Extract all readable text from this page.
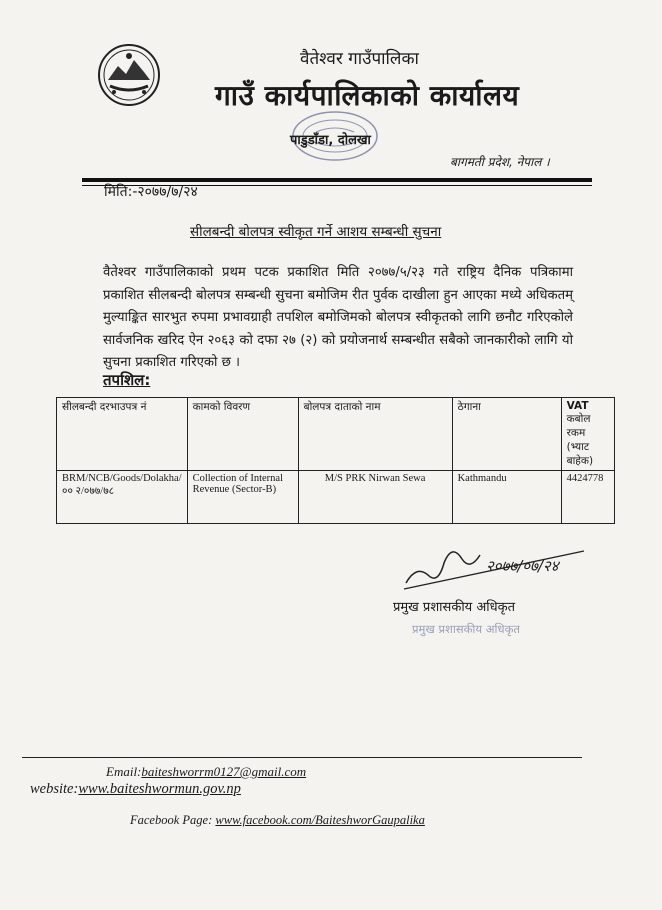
वैतेश्वर गाउँपालिका
गाउँ कार्यपालिकाको कार्यालय
पाडुडाँडा, दोलखा
बागमती प्रदेश, नेपाल ।
मिति:-२०७७/७/२४
सीलबन्दी बोलपत्र स्वीकृत गर्ने आशय सम्बन्धी सुचना
वैतेश्वर गाउँपालिकाको प्रथम पटक प्रकाशित मिति २०७७/५/२३ गते राष्ट्रिय दैनिक पत्रिकामा प्रकाशित सीलबन्दी बोलपत्र सम्बन्धी सुचना बमोजिम रीत पुर्वक दाखीला हुन आएका मध्ये अधिकतम् मुल्याङ्कित सारभुत रुपमा प्रभावग्राही तपशिल बमोजिमको बोलपत्र स्वीकृतको लागि छनौट गरिएकोले सार्वजनिक खरिद ऐन २०६३ को दफा २७ (२) को प्रयोजनार्थ सम्बन्धीत सबैको जानकारीको लागि यो सुचना प्रकाशित गरिएको छ ।
तपशिल:
सीलबन्दी दरभाउपत्र नं	कामको विवरण	बोलपत्र दाताको नाम	ठेगाना	VAT
कबोल रकम
(भ्याट बाहेक)

BRM/NCB/Goods/Dolakha/०० २/०७७/७८	Collection of Internal Revenue (Sector-B)	M/S PRK Nirwan Sewa	Kathmandu	4424778
२०७७/०७/२४
प्रमुख प्रशासकीय अधिकृत
प्रमुख प्रशासकीय अधिकृत
Email:baiteshworrm0127@gmail.com
website:www.baiteshwormun.gov.np
Facebook Page: www.facebook.com/BaiteshworGaupalika
